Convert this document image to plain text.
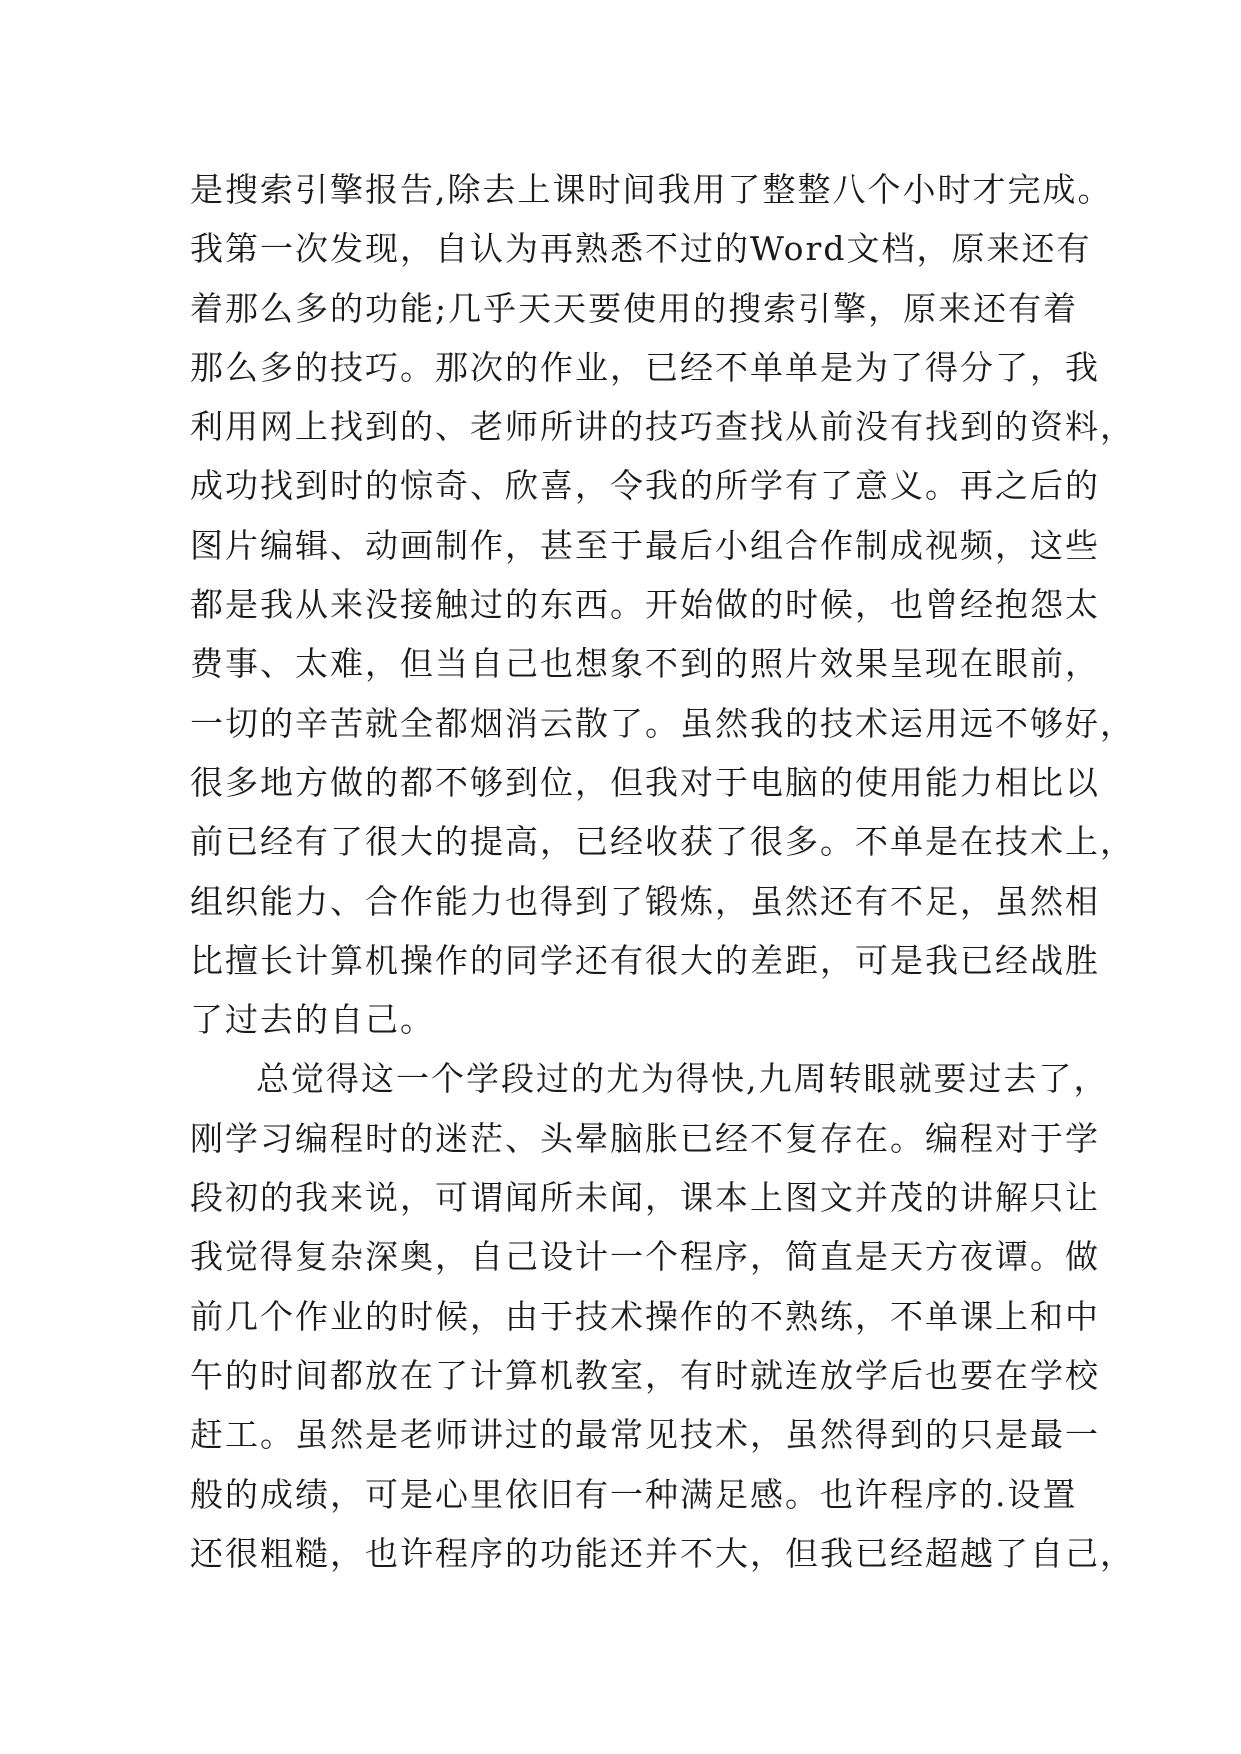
是搜索引擎报告,除去上课时间我用了整整八个小时才完成。
我第一次发现，自认为再熟悉不过的Word文档，原来还有
着那么多的功能;几乎天天要使用的搜索引擎，原来还有着
那么多的技巧。那次的作业，已经不单单是为了得分了，我
利用网上找到的、老师所讲的技巧查找从前没有找到的资料，
成功找到时的惊奇、欣喜，令我的所学有了意义。再之后的
图片编辑、动画制作，甚至于最后小组合作制成视频，这些
都是我从来没接触过的东西。开始做的时候，也曾经抱怨太
费事、太难，但当自己也想象不到的照片效果呈现在眼前，
一切的辛苦就全都烟消云散了。虽然我的技术运用远不够好，
很多地方做的都不够到位，但我对于电脑的使用能力相比以
前已经有了很大的提高，已经收获了很多。不单是在技术上，
组织能力、合作能力也得到了锻炼，虽然还有不足，虽然相
比擅长计算机操作的同学还有很大的差距，可是我已经战胜
了过去的自己。
总觉得这一个学段过的尤为得快,九周转眼就要过去了，
刚学习编程时的迷茫、头晕脑胀已经不复存在。编程对于学
段初的我来说，可谓闻所未闻，课本上图文并茂的讲解只让
我觉得复杂深奥，自己设计一个程序，简直是天方夜谭。做
前几个作业的时候，由于技术操作的不熟练，不单课上和中
午的时间都放在了计算机教室，有时就连放学后也要在学校
赶工。虽然是老师讲过的最常见技术，虽然得到的只是最一
般的成绩，可是心里依旧有一种满足感。也许程序的.设置
还很粗糙，也许程序的功能还并不大，但我已经超越了自己，
